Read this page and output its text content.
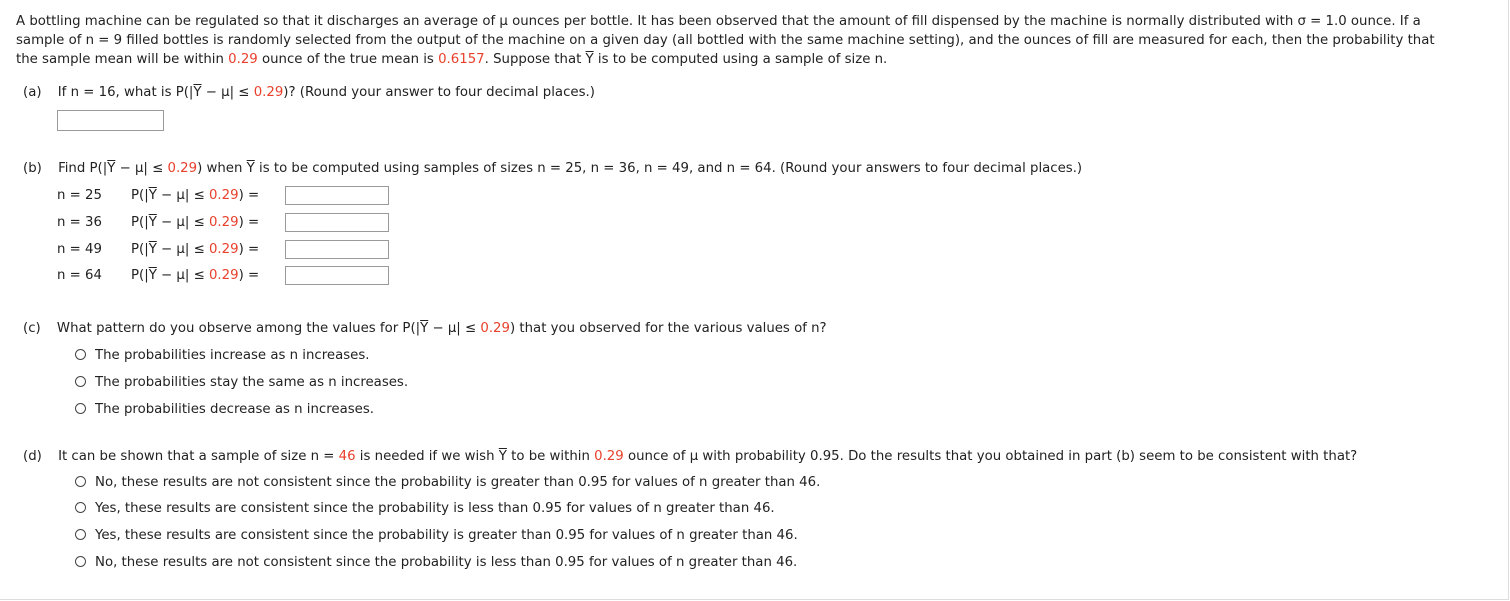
A bottling machine can be regulated so that it discharges an average of μ ounces per bottle. It has been observed that the amount of fill dispensed by the machine is normally distributed with σ = 1.0 ounce. If a
sample of n = 9 filled bottles is randomly selected from the output of the machine on a given day (all bottled with the same machine setting), and the ounces of fill are measured for each, then the probability that
the sample mean will be within 0.29 ounce of the true mean is 0.6157. Suppose that $\overline{Y}$ is to be computed using a sample of size n.
(a) If n = 16, what is $P(|\overline{Y} - \mu| \le 0.29)$? (Round your answer to four decimal places.)
(b) Find $P(|\overline{Y} - \mu| \le 0.29)$ when $\overline{Y}$ is to be computed using samples of sizes n = 25, n = 36, n = 49, and n = 64. (Round your answers to four decimal places.)
n = 25 $P(|\overline{Y} - \mu| \le 0.29)$ =
n = 36 $P(|\overline{Y} - \mu| \le 0.29)$ =
n = 49 $P(|\overline{Y} - \mu| \le 0.29)$ =
n = 64 $P(|\overline{Y} - \mu| \le 0.29)$ =
(c) What pattern do you observe among the values for $P(|\overline{Y} - \mu| \le 0.29)$ that you observed for the various values of n?
The probabilities increase as n increases.
The probabilities stay the same as n increases.
The probabilities decrease as n increases.
(d) It can be shown that a sample of size n = 46 is needed if we wish $\overline{Y}$ to be within 0.29 ounce of μ with probability 0.95. Do the results that you obtained in part (b) seem to be consistent with that?
No, these results are not consistent since the probability is greater than 0.95 for values of n greater than 46.
Yes, these results are consistent since the probability is less than 0.95 for values of n greater than 46.
Yes, these results are consistent since the probability is greater than 0.95 for values of n greater than 46.
No, these results are not consistent since the probability is less than 0.95 for values of n greater than 46.
